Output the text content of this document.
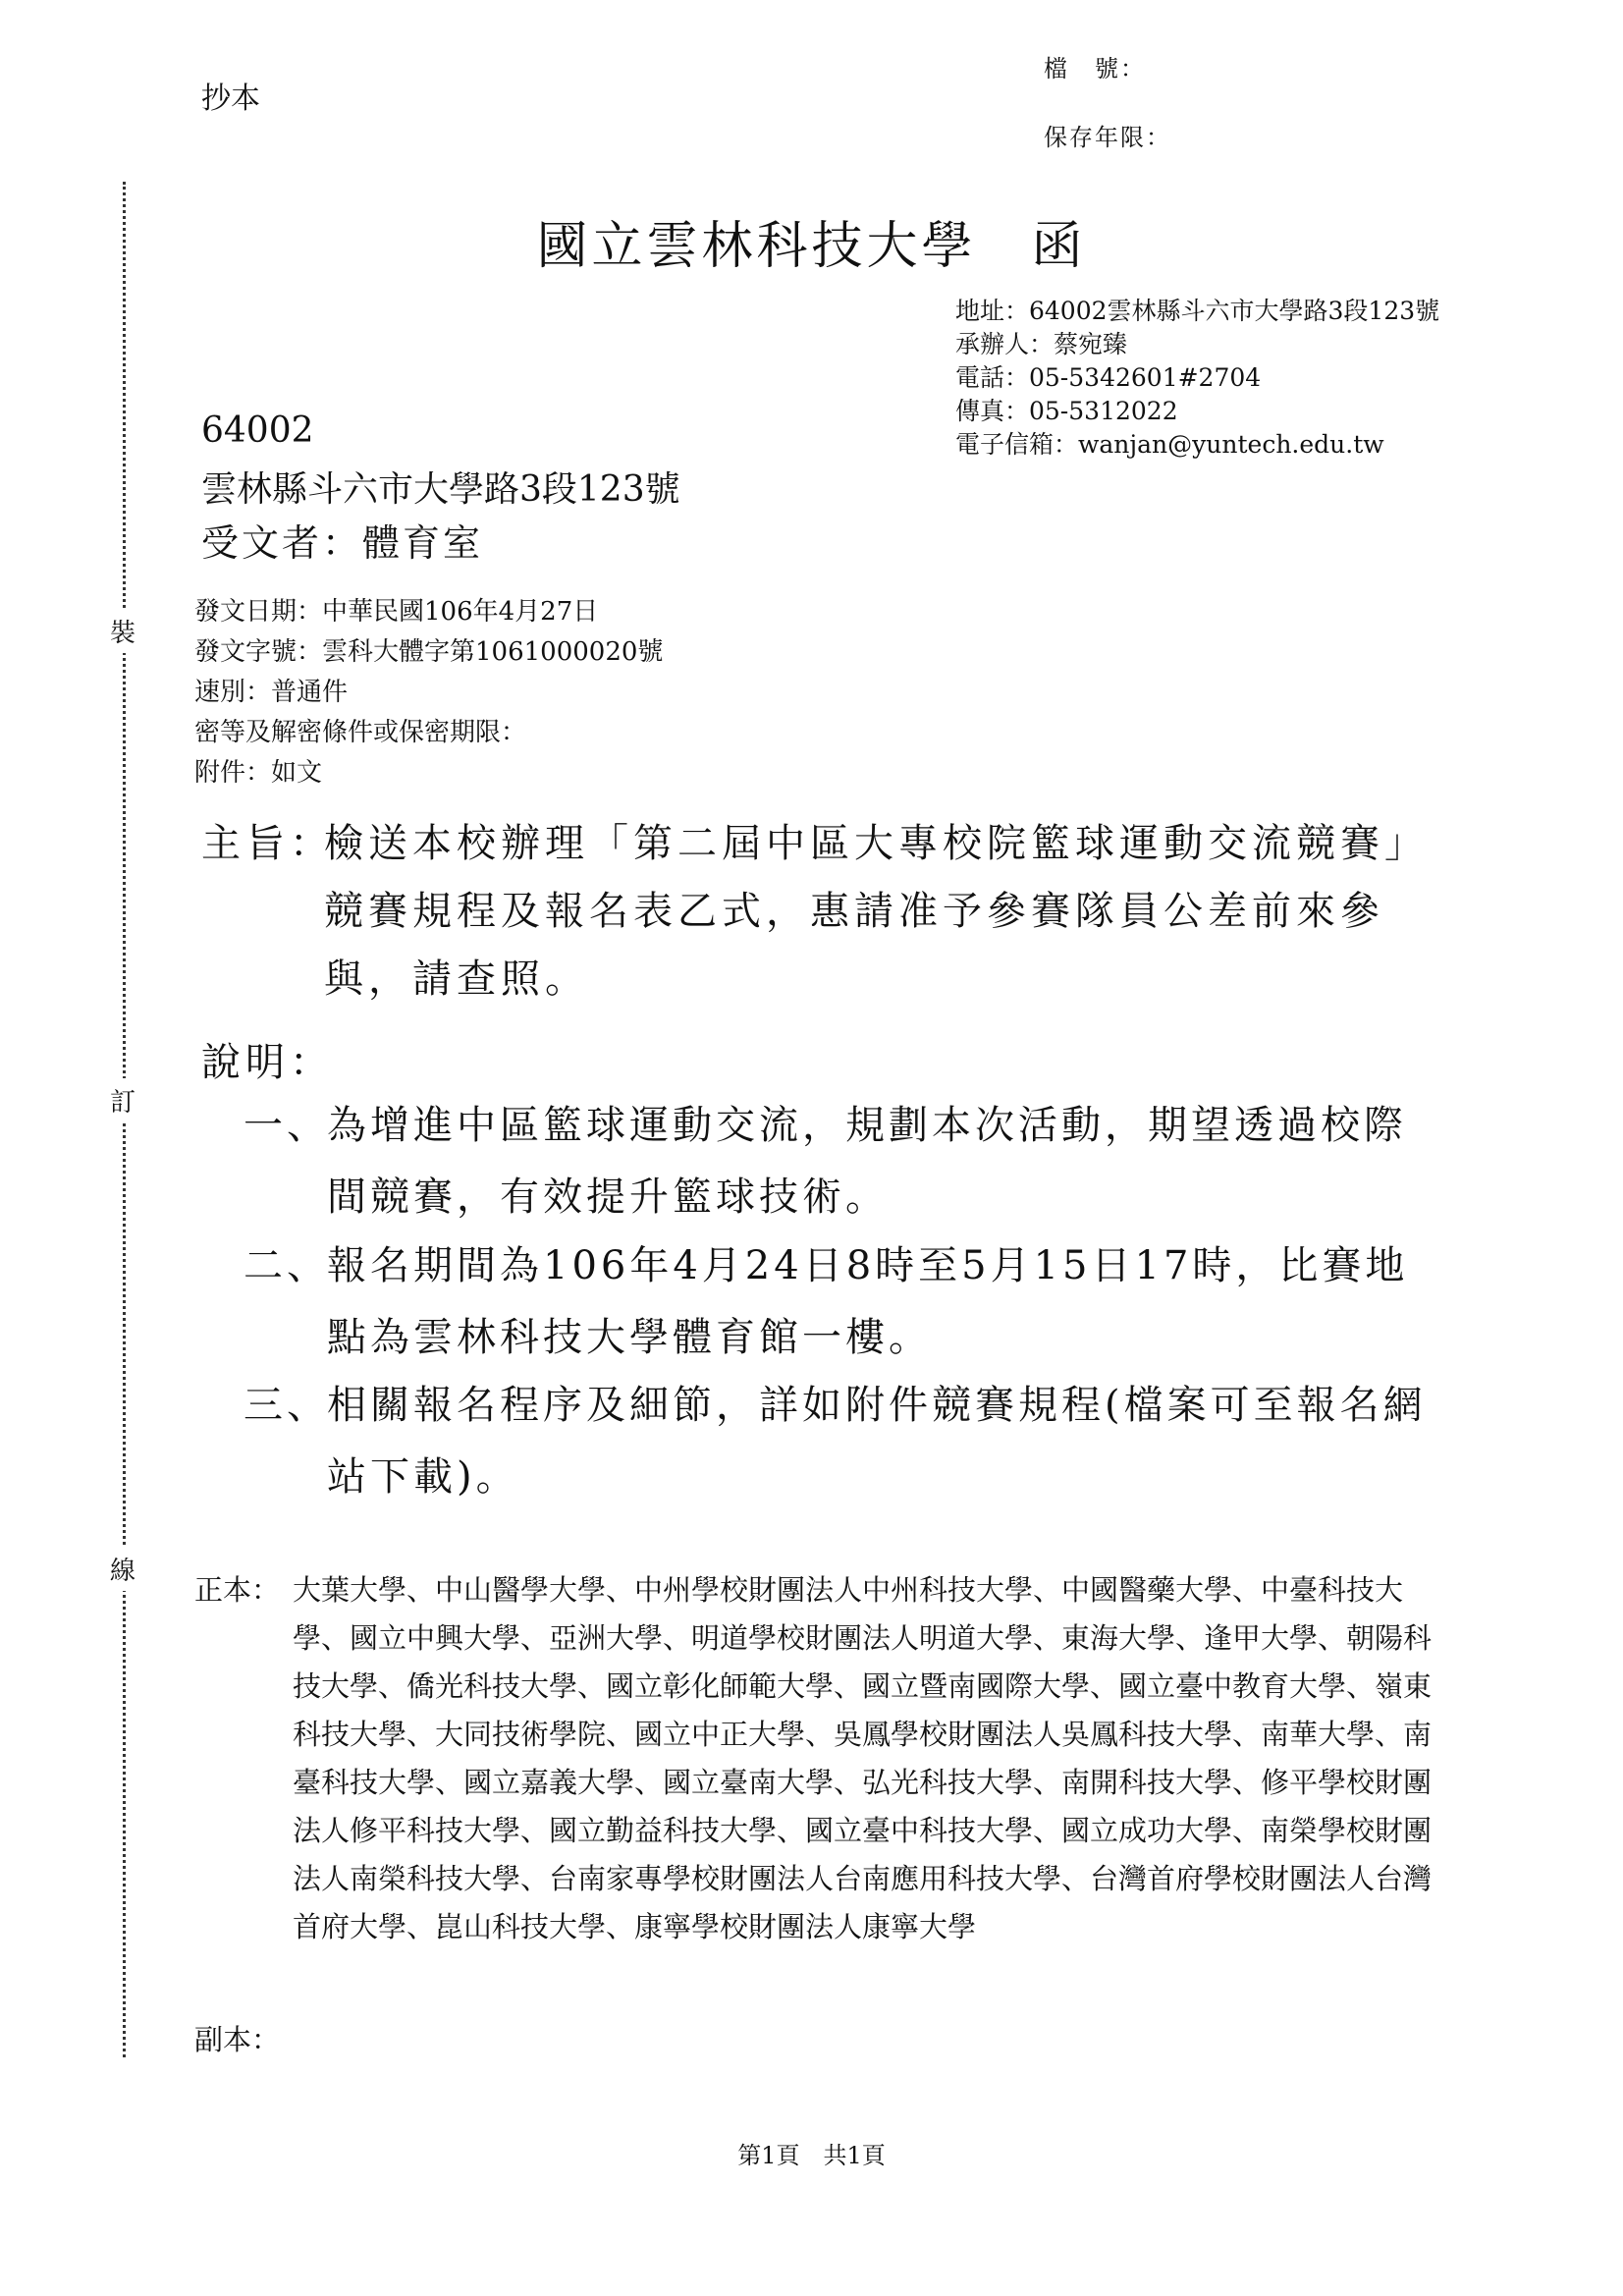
抄本
檔　號：
保存年限：
國立雲林科技大學　函
地址：64002雲林縣斗六市大學路3段123號
承辦人：蔡宛臻
電話：05-5342601#2704
傳真：05-5312022
電子信箱：wanjan@yuntech.edu.tw
64002
雲林縣斗六市大學路3段123號
受文者：體育室
發文日期：中華民國106年4月27日
發文字號：雲科大體字第1061000020號
速別：普通件
密等及解密條件或保密期限：
附件：如文
主旨：
檢送本校辦理「第二屆中區大專校院籃球運動交流競賽」競賽規程及報名表乙式，惠請准予參賽隊員公差前來參與，請查照。
說明：
一、
為增進中區籃球運動交流，規劃本次活動，期望透過校際間競賽，有效提升籃球技術。
二、
報名期間為106年4月24日8時至5月15日17時，比賽地點為雲林科技大學體育館一樓。
三、
相關報名程序及細節，詳如附件競賽規程(檔案可至報名網站下載)。
正本： 大葉大學、中山醫學大學、中州學校財團法人中州科技大學、中國醫藥大學、中臺科技大學、國立中興大學、亞洲大學、明道學校財團法人明道大學、東海大學、逢甲大學、朝陽科技大學、僑光科技大學、國立彰化師範大學、國立暨南國際大學、國立臺中教育大學、嶺東科技大學、大同技術學院、國立中正大學、吳鳳學校財團法人吳鳳科技大學、南華大學、南臺科技大學、國立嘉義大學、國立臺南大學、弘光科技大學、南開科技大學、修平學校財團法人修平科技大學、國立勤益科技大學、國立臺中科技大學、國立成功大學、南榮學校財團法人南榮科技大學、台南家專學校財團法人台南應用科技大學、台灣首府學校財團法人台灣首府大學、崑山科技大學、康寧學校財團法人康寧大學
副本：
裝
訂
線
第1頁　共1頁
